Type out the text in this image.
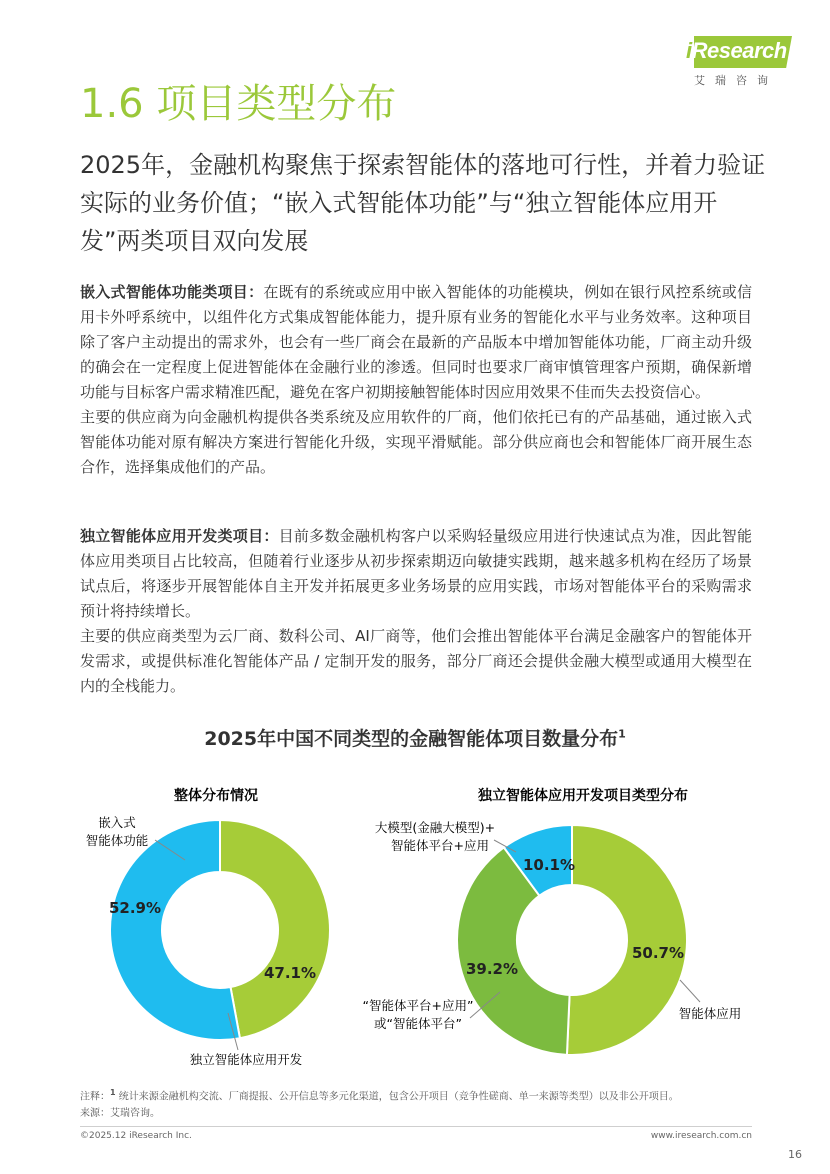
iResearch
艾瑞咨询
1.6 项目类型分布
2025年，金融机构聚焦于探索智能体的落地可行性，并着力验证实际的业务价值；“嵌入式智能体功能”与“独立智能体应用开发”两类项目双向发展
嵌入式智能体功能类项目：在既有的系统或应用中嵌入智能体的功能模块，例如在银行风控系统或信用卡外呼系统中，以组件化方式集成智能体能力，提升原有业务的智能化水平与业务效率。这种项目除了客户主动提出的需求外，也会有一些厂商会在最新的产品版本中增加智能体功能，厂商主动升级的确会在一定程度上促进智能体在金融行业的渗透。但同时也要求厂商审慎管理客户预期，确保新增功能与目标客户需求精准匹配，避免在客户初期接触智能体时因应用效果不佳而失去投资信心。
主要的供应商为向金融机构提供各类系统及应用软件的厂商，他们依托已有的产品基础，通过嵌入式智能体功能对原有解决方案进行智能化升级，实现平滑赋能。部分供应商也会和智能体厂商开展生态合作，选择集成他们的产品。
独立智能体应用开发类项目：目前多数金融机构客户以采购轻量级应用进行快速试点为准，因此智能体应用类项目占比较高，但随着行业逐步从初步探索期迈向敏捷实践期，越来越多机构在经历了场景试点后，将逐步开展智能体自主开发并拓展更多业务场景的应用实践，市场对智能体平台的采购需求预计将持续增长。
主要的供应商类型为云厂商、数科公司、AI厂商等，他们会推出智能体平台满足金融客户的智能体开发需求，或提供标准化智能体产品 / 定制开发的服务，部分厂商还会提供金融大模型或通用大模型在内的全栈能力。
2025年中国不同类型的金融智能体项目数量分布$^1$
整体分布情况
47.1%
52.9%
嵌入式
智能体功能
独立智能体应用开发
独立智能体应用开发项目类型分布
50.7%
39.2%
10.1%
大模型(金融大模型)+
智能体平台+应用
“智能体平台+应用”
或“智能体平台”
智能体应用
注释：$^1$ 统计来源金融机构交流、厂商提报、公开信息等多元化渠道，包含公开项目（竞争性磋商、单一来源等类型）以及非公开项目。
来源：艾瑞咨询。
©2025.12 iResearch Inc.	www.iresearch.com.cn
16
